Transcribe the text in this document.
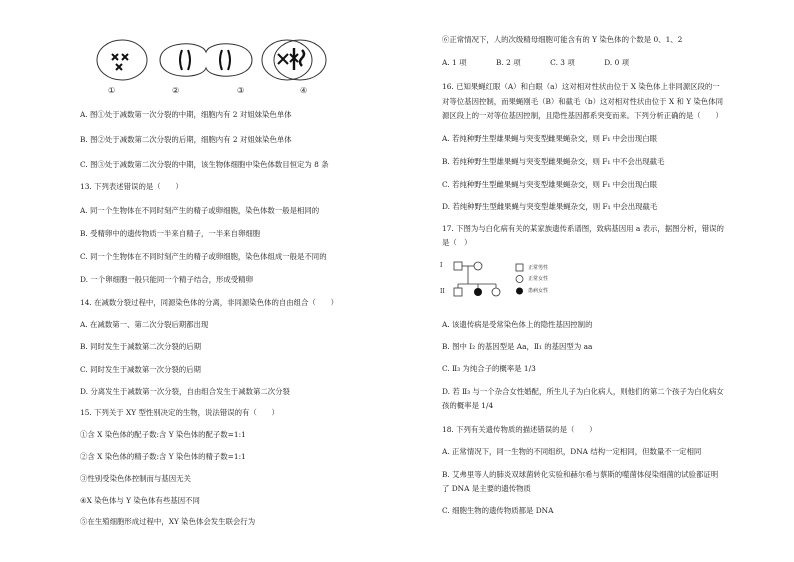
①	②	③	④
A. 图①处于减数第一次分裂的中期，细胞内有 2 对姐妹染色单体
B. 图②处于减数第二次分裂的后期，细胞内有 2 对姐妹染色单体
C. 图③处于减数第二次分裂的中期，该生物体细胞中染色体数目恒定为 8 条
13. 下列表述错误的是（　　）
A. 同一个生物体在不同时刻产生的精子或卵细胞，染色体数一般是相同的
B. 受精卵中的遗传物质一半来自精子，一半来自卵细胞
C. 同一个生物体在不同时刻产生的精子或卵细胞，染色体组成一般是不同的
D. 一个卵细胞一般只能同一个精子结合，形成受精卵
14. 在减数分裂过程中，同源染色体的分离，非同源染色体的自由组合（　　）
A. 在减数第一、第二次分裂后期都出现
B. 同时发生于减数第二次分裂的后期
C. 同时发生于减数第一次分裂的后期
D. 分离发生于减数第一次分裂，自由组合发生于减数第二次分裂
15. 下列关于 XY 型性别决定的生物，说法错误的有（　　）
①含 X 染色体的配子数:含 Y 染色体的配子数=1:1
②含 X 染色体的精子数:含 Y 染色体的精子数=1:1
③性别受染色体控制而与基因无关
④X 染色体与 Y 染色体有些基因不同
⑤在生殖细胞形成过程中，XY 染色体会发生联会行为
⑥正常情况下，人的次级精母细胞可能含有的 Y 染色体的个数是 0、1、2
A. 1 项　　　　B. 2 项　　　　C. 3 项　　　　D. 0 项
16. 已知果蝇红眼（A）和白眼（a）这对相对性状由位于 X 染色体上非同源区段的一
对等位基因控制，而果蝇刚毛（B）和截毛（b）这对相对性状由位于 X 和 Y 染色体同
源区段上的一对等位基因控制，且隐性基因都系突变而来。下列分析正确的是（　　）
A. 若纯种野生型雄果蝇与突变型雌果蝇杂交，则 F₁ 中会出现白眼
B. 若纯种野生型雄果蝇与突变型雌果蝇杂交，则 F₁ 中不会出现截毛
C. 若纯种野生型雌果蝇与突变型雄果蝇杂交，则 F₁ 中会出现白眼
D. 若纯种野生型雌果蝇与突变型雄果蝇杂交，则 F₁ 中会出现截毛
17. 下图为与白化病有关的某家族遗传系谱图，致病基因用 a 表示，据图分析，错误的
是（　）
A. 该遗传病是受常染色体上的隐性基因控制的
B. 图中 I₂ 的基因型是 Aa，Ⅱ₁ 的基因型为 aa
C. Ⅱ₃ 为纯合子的概率是 1/3
D. 若 Ⅱ₃ 与一个杂合女性婚配，所生儿子为白化病人，则他们的第二个孩子为白化病女
孩的概率是 1/4
18. 下列有关遗传物质的描述错误的是（　　）
A. 正常情况下，同一生物的不同组织，DNA 结构一定相同，但数量不一定相同
B. 艾弗里等人的肺炎双球菌转化实验和赫尔希与蔡斯的噬菌体侵染细菌的试验都证明
了 DNA 是主要的遗传物质
C. 细胞生物的遗传物质都是 DNA
I
II
正常男性
正常女性
患病女性
